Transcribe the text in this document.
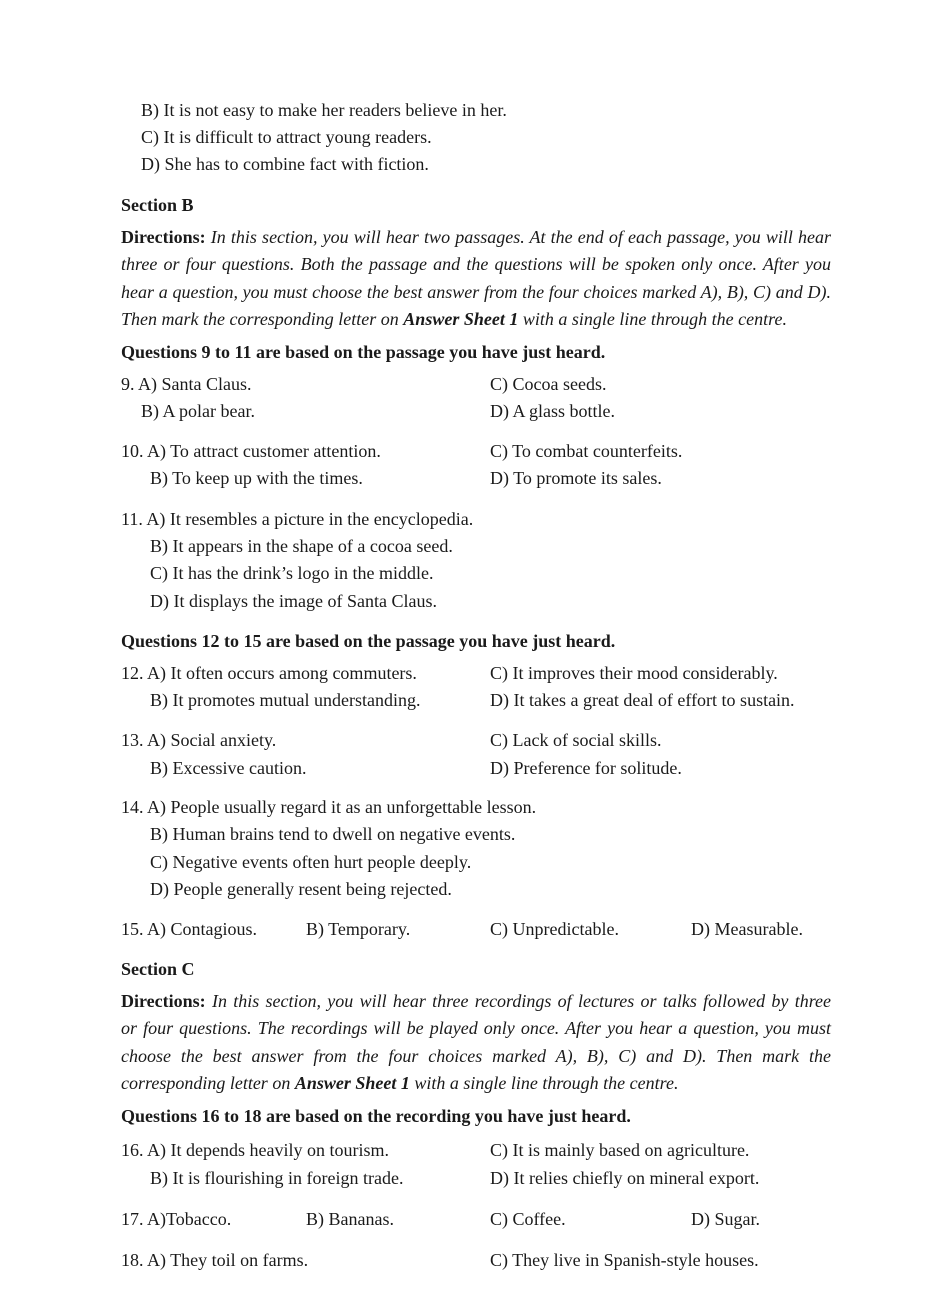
B) It is not easy to make her readers believe in her.
C) It is difficult to attract young readers.
D) She has to combine fact with fiction.
Section B
Directions: In this section, you will hear two passages. At the end of each passage, you will hear
three or four questions. Both the passage and the questions will be spoken only once. After you
hear a question, you must choose the best answer from the four choices marked A), B), C) and D).
Then mark the corresponding letter on Answer Sheet 1 with a single line through the centre.
Questions 9 to 11 are based on the passage you have just heard.
9. A) Santa Claus.	C) Cocoa seeds.
B) A polar bear.	D) A glass bottle.
10. A) To attract customer attention.	C) To combat counterfeits.
B) To keep up with the times.	D) To promote its sales.
11. A) It resembles a picture in the encyclopedia.
B) It appears in the shape of a cocoa seed.
C) It has the drink’s logo in the middle.
D) It displays the image of Santa Claus.
Questions 12 to 15 are based on the passage you have just heard.
12. A) It often occurs among commuters.	C) It improves their mood considerably.
B) It promotes mutual understanding.	D) It takes a great deal of effort to sustain.
13. A) Social anxiety.	C) Lack of social skills.
B) Excessive caution.	D) Preference for solitude.
14. A) People usually regard it as an unforgettable lesson.
B) Human brains tend to dwell on negative events.
C) Negative events often hurt people deeply.
D) People generally resent being rejected.
15. A) Contagious.	B) Temporary.	C) Unpredictable.	D) Measurable.
Section C
Directions: In this section, you will hear three recordings of lectures or talks followed by three
or four questions. The recordings will be played only once. After you hear a question, you must
choose the best answer from the four choices marked A), B), C) and D). Then mark the
corresponding letter on Answer Sheet 1 with a single line through the centre.
Questions 16 to 18 are based on the recording you have just heard.
16. A) It depends heavily on tourism.	C) It is mainly based on agriculture.
B) It is flourishing in foreign trade.	D) It relies chiefly on mineral export.
17. A)Tobacco.	B) Bananas.	C) Coffee.	D) Sugar.
18. A) They toil on farms.	C) They live in Spanish-style houses.
